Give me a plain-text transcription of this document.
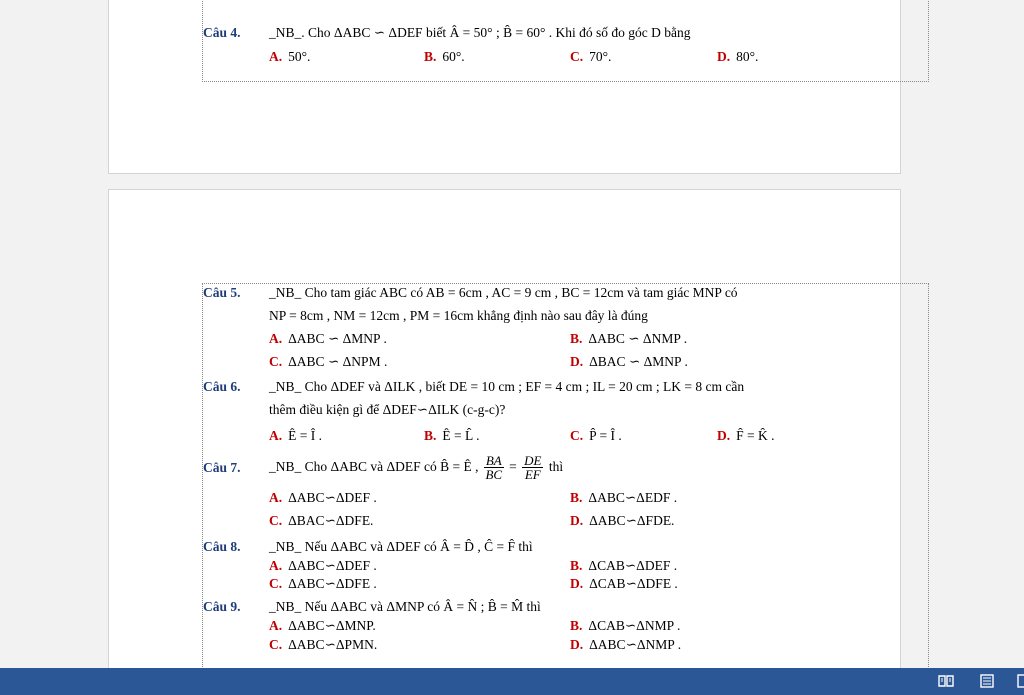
Câu 4. _NB_. Cho ΔABC ∽ ΔDEF biết Â = 50° ; B̂ = 60° . Khi đó số đo góc D bằng
A. 50°.	B. 60°.	C. 70°.	D. 80°.
Câu 5. _NB_ Cho tam giác ABC có AB = 6cm , AC = 9 cm , BC = 12cm và tam giác MNP có
NP = 8cm , NM = 12cm , PM = 16cm khẳng định nào sau đây là đúng
A. ΔABC ∽ ΔMNP .	B. ΔABC ∽ ΔNMP .
C. ΔABC ∽ ΔNPM .	D. ΔBAC ∽ ΔMNP .
Câu 6. _NB_ Cho ΔDEF và ΔILK , biết DE = 10 cm ; EF = 4 cm ; IL = 20 cm ; LK = 8 cm cần
thêm điều kiện gì để ΔDEF∽ΔILK (c-g-c)?
A. Ê = Î .	B. Ê = L̂ .	C. P̂ = Î .	D. F̂ = K̂ .
Câu 7. _NB_ Cho ΔABC và ΔDEF có B̂ = Ê , $\frac{BA}{BC} = \frac{DE}{EF}$ thì
A. ΔABC∽ΔDEF .	B. ΔABC∽ΔEDF .
C. ΔBAC∽ΔDFE.	D. ΔABC∽ΔFDE.
Câu 8. _NB_ Nếu ΔABC và ΔDEF có Â = D̂ , Ĉ = F̂ thì
A. ΔABC∽ΔDEF .	B. ΔCAB∽ΔDEF .
C. ΔABC∽ΔDFE .	D. ΔCAB∽ΔDFE .
Câu 9. _NB_ Nếu ΔABC và ΔMNP có Â = N̂ ; B̂ = M̂ thì
A. ΔABC∽ΔMNP.	B. ΔCAB∽ΔNMP .
C. ΔABC∽ΔPMN.	D. ΔABC∽ΔNMP .
